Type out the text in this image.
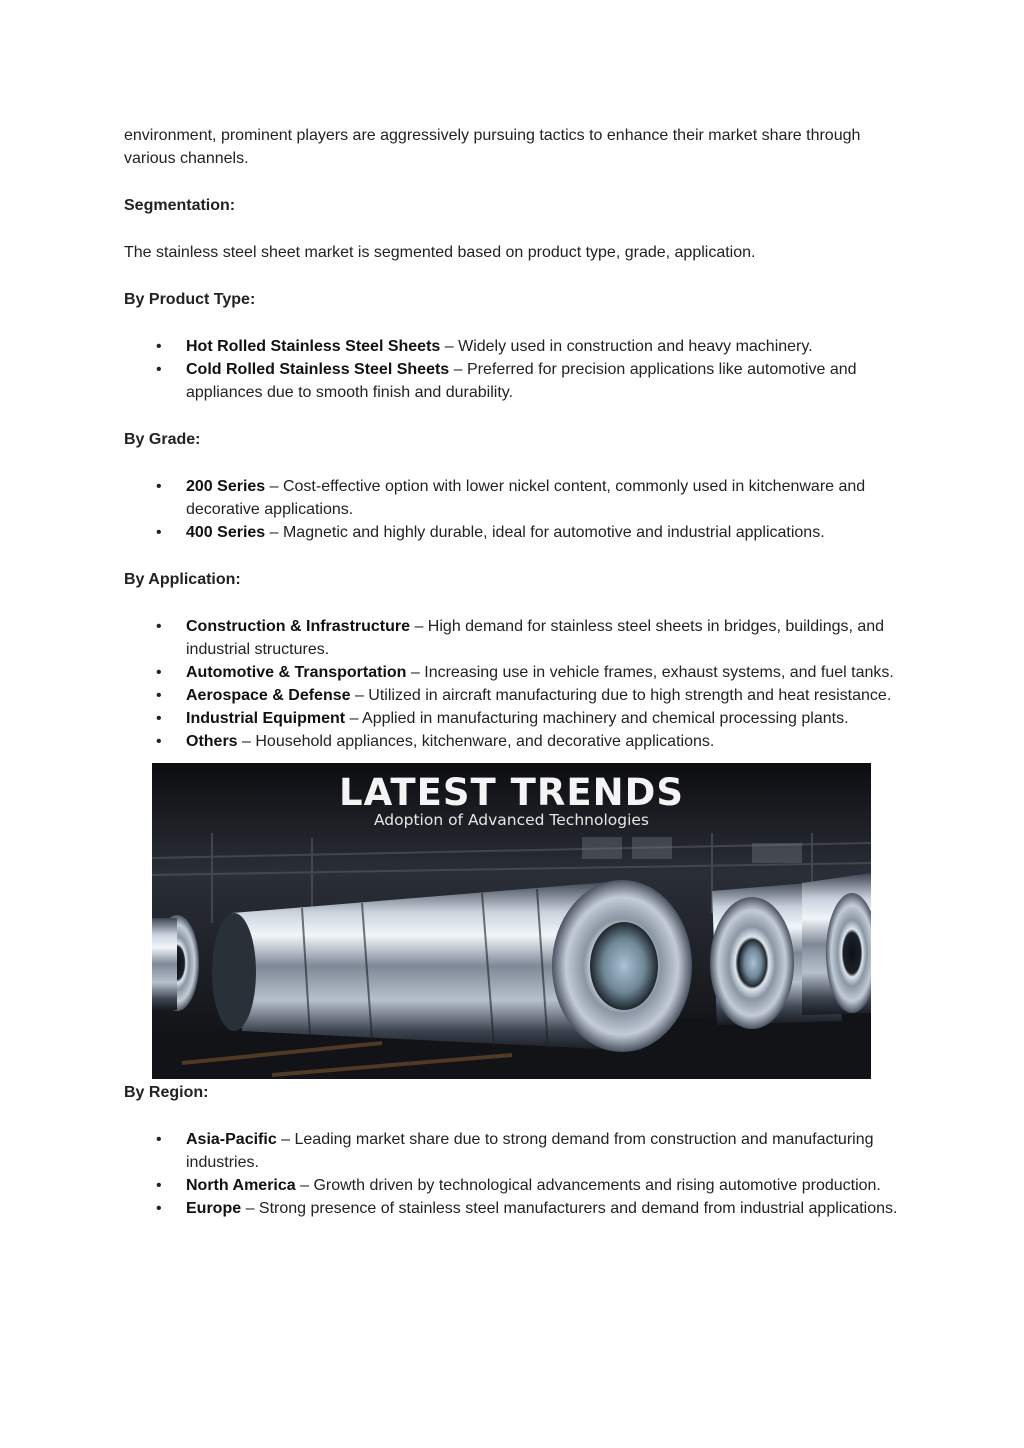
environment, prominent players are aggressively pursuing tactics to enhance their market share through various channels.

Segmentation:

The stainless steel sheet market is segmented based on product type, grade, application.

By Product Type:

• Hot Rolled Stainless Steel Sheets – Widely used in construction and heavy machinery.
• Cold Rolled Stainless Steel Sheets – Preferred for precision applications like automotive and appliances due to smooth finish and durability.

By Grade:

• 200 Series – Cost-effective option with lower nickel content, commonly used in kitchenware and decorative applications.
• 400 Series – Magnetic and highly durable, ideal for automotive and industrial applications.

By Application:

• Construction & Infrastructure – High demand for stainless steel sheets in bridges, buildings, and industrial structures.
• Automotive & Transportation – Increasing use in vehicle frames, exhaust systems, and fuel tanks.
• Aerospace & Defense – Utilized in aircraft manufacturing due to high strength and heat resistance.
• Industrial Equipment – Applied in manufacturing machinery and chemical processing plants.
• Others – Household appliances, kitchenware, and decorative applications.
LATEST TRENDS
Adoption of Advanced Technologies

By Region:

• Asia-Pacific – Leading market share due to strong demand from construction and manufacturing industries.
• North America – Growth driven by technological advancements and rising automotive production.
• Europe – Strong presence of stainless steel manufacturers and demand from industrial applications.
